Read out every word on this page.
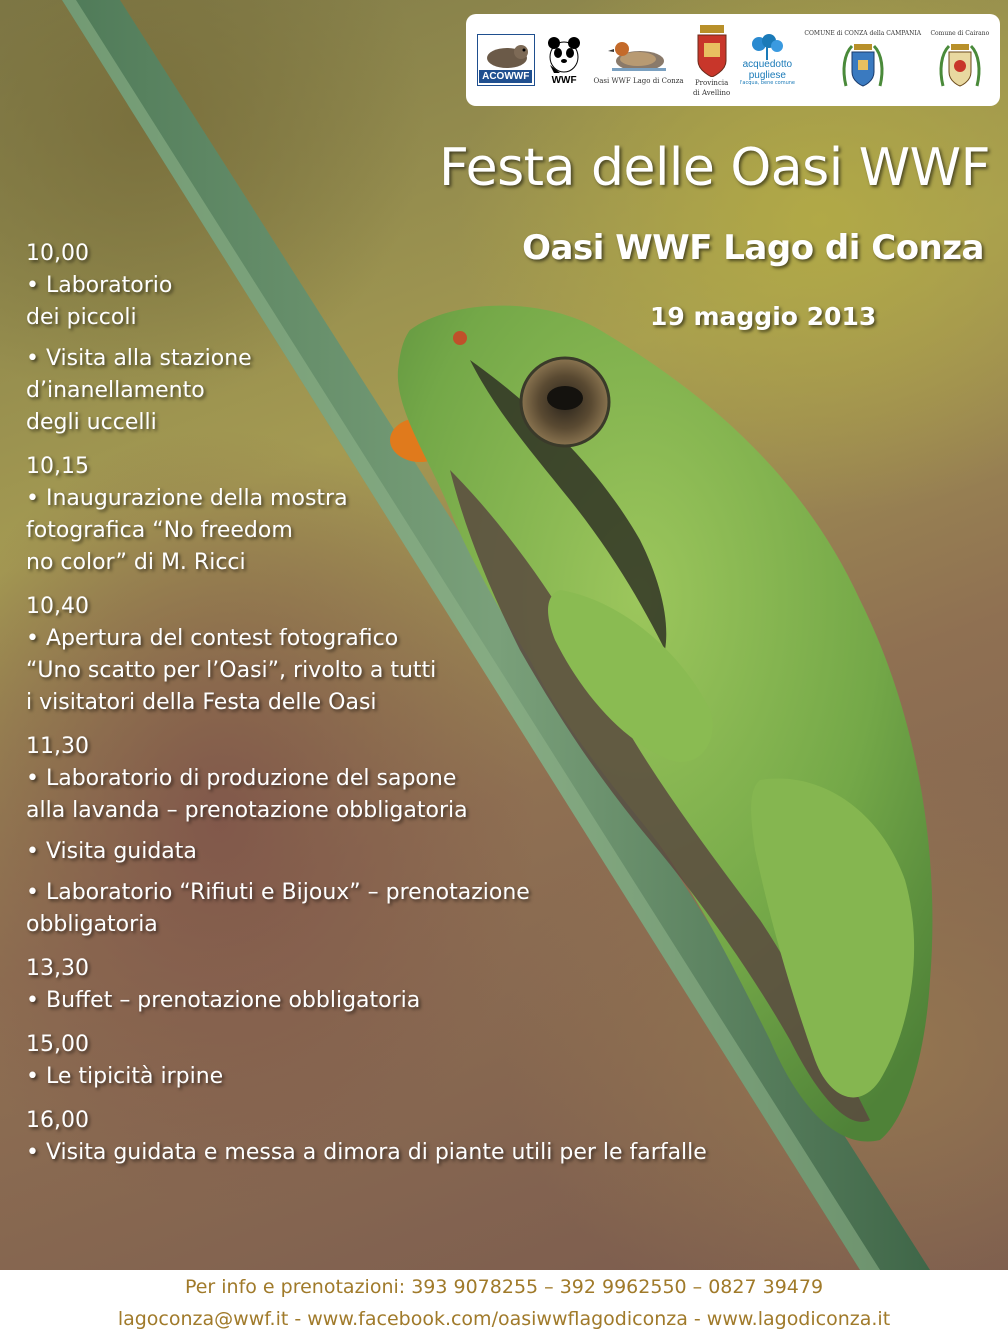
ACOWWF	WWF Oasi WWF Lago di Conza Provincia
di Avellino
acquedotto
pugliese
l'acqua, bene comune
COMUNE di CONZA della CAMPANIA Comune di Cairano
Festa delle Oasi WWF
Oasi WWF Lago di Conza
19 maggio 2013
10,00
• Laboratorio
dei piccoli
• Visita alla stazione
d’inanellamento
degli uccelli
10,15
• Inaugurazione della mostra
fotografica “No freedom
no color” di M. Ricci
10,40
• Apertura del contest fotografico
“Uno scatto per l’Oasi”, rivolto a tutti
i visitatori della Festa delle Oasi
11,30
• Laboratorio di produzione del sapone
alla lavanda – prenotazione obbligatoria
• Visita guidata
• Laboratorio “Rifiuti e Bijoux” – prenotazione
obbligatoria
13,30
• Buffet – prenotazione obbligatoria
15,00
• Le tipicità irpine
16,00
• Visita guidata e messa a dimora di piante utili per le farfalle
Per info e prenotazioni: 393 9078255 – 392 9962550 – 0827 39479
lagoconza@wwf.it - www.facebook.com/oasiwwflagodiconza - www.lagodiconza.it
